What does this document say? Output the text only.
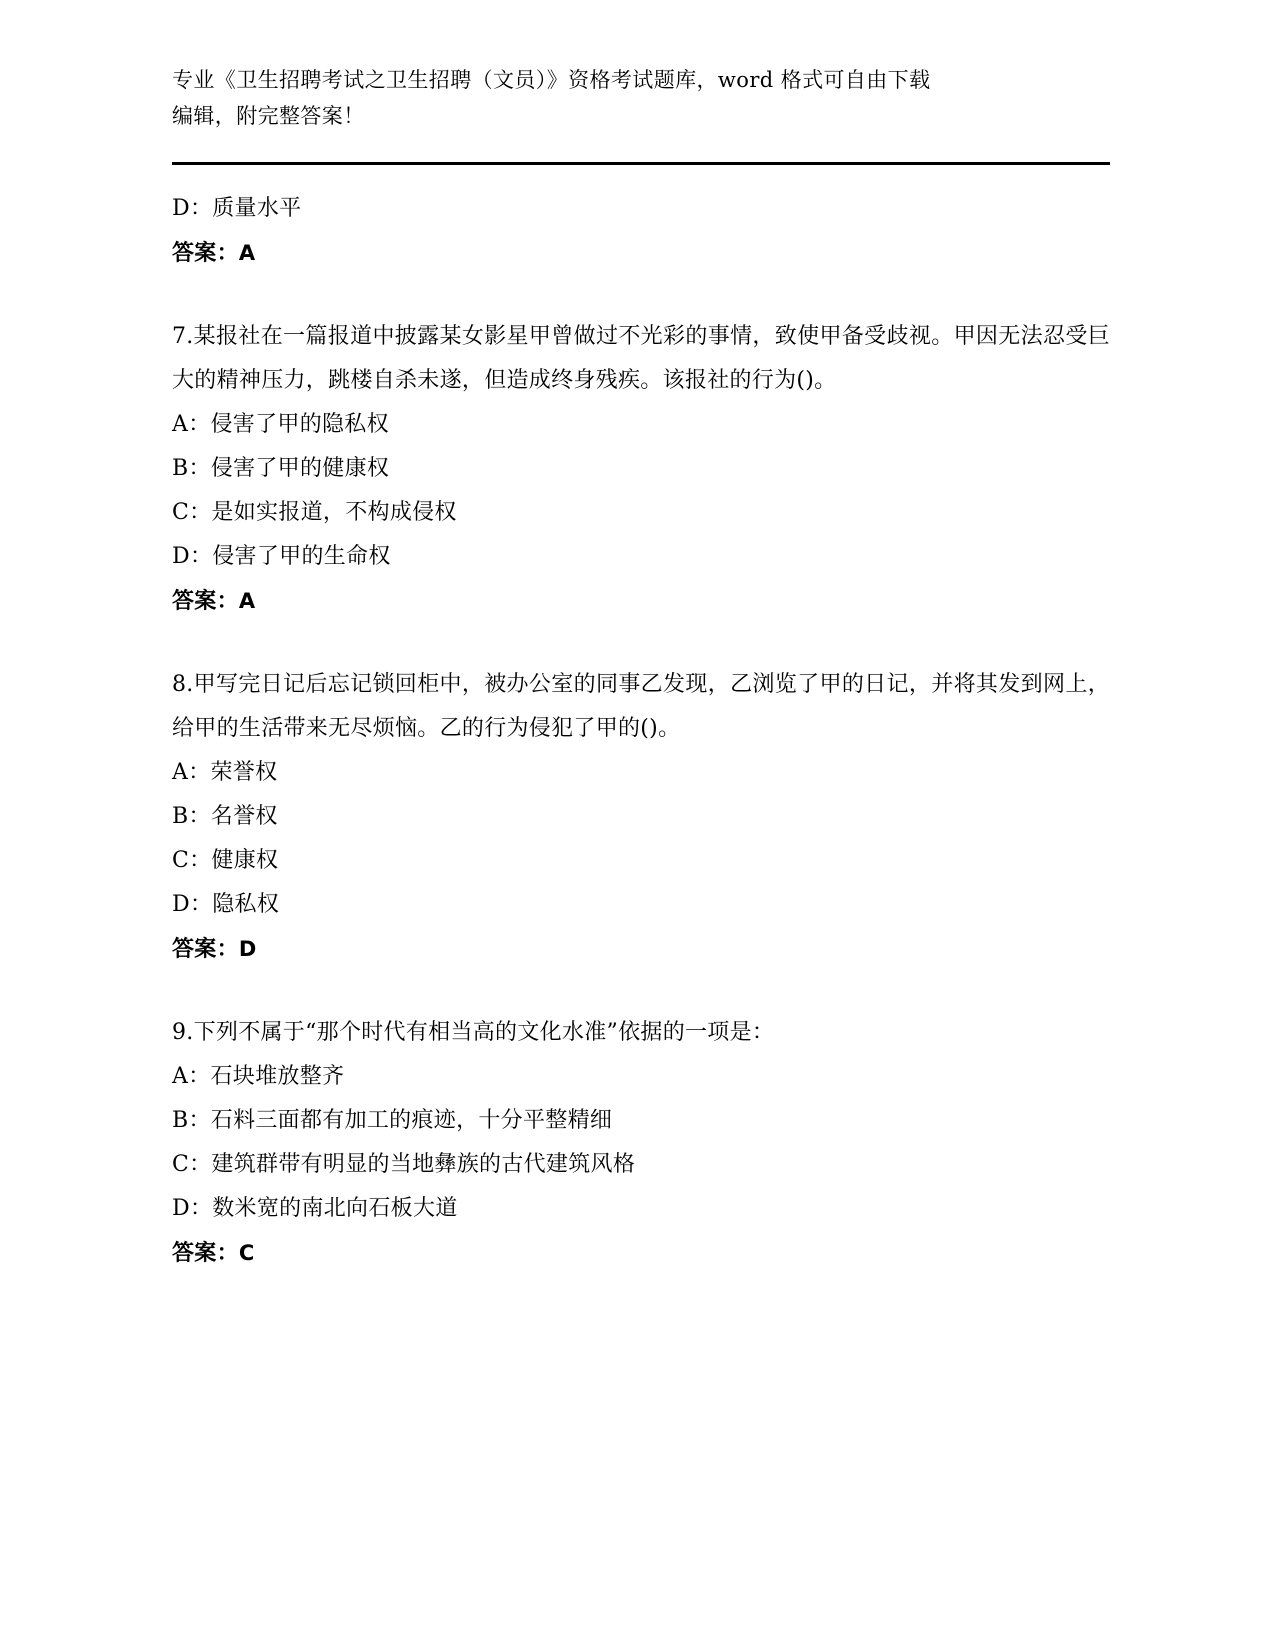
专业《卫生招聘考试之卫生招聘（文员）》资格考试题库，word 格式可自由下载
编辑，附完整答案！
D：质量水平
答案：A
7.某报社在一篇报道中披露某女影星甲曾做过不光彩的事情，致使甲备受歧视。甲因无法忍受巨大的精神压力，跳楼自杀未遂，但造成终身残疾。该报社的行为()。
A：侵害了甲的隐私权
B：侵害了甲的健康权
C：是如实报道，不构成侵权
D：侵害了甲的生命权
答案：A
8.甲写完日记后忘记锁回柜中，被办公室的同事乙发现，乙浏览了甲的日记，并将其发到网上，给甲的生活带来无尽烦恼。乙的行为侵犯了甲的()。
A：荣誉权
B：名誉权
C：健康权
D：隐私权
答案：D
9.下列不属于“那个时代有相当高的文化水准”依据的一项是：
A：石块堆放整齐
B：石料三面都有加工的痕迹，十分平整精细
C：建筑群带有明显的当地彝族的古代建筑风格
D：数米宽的南北向石板大道
答案：C
